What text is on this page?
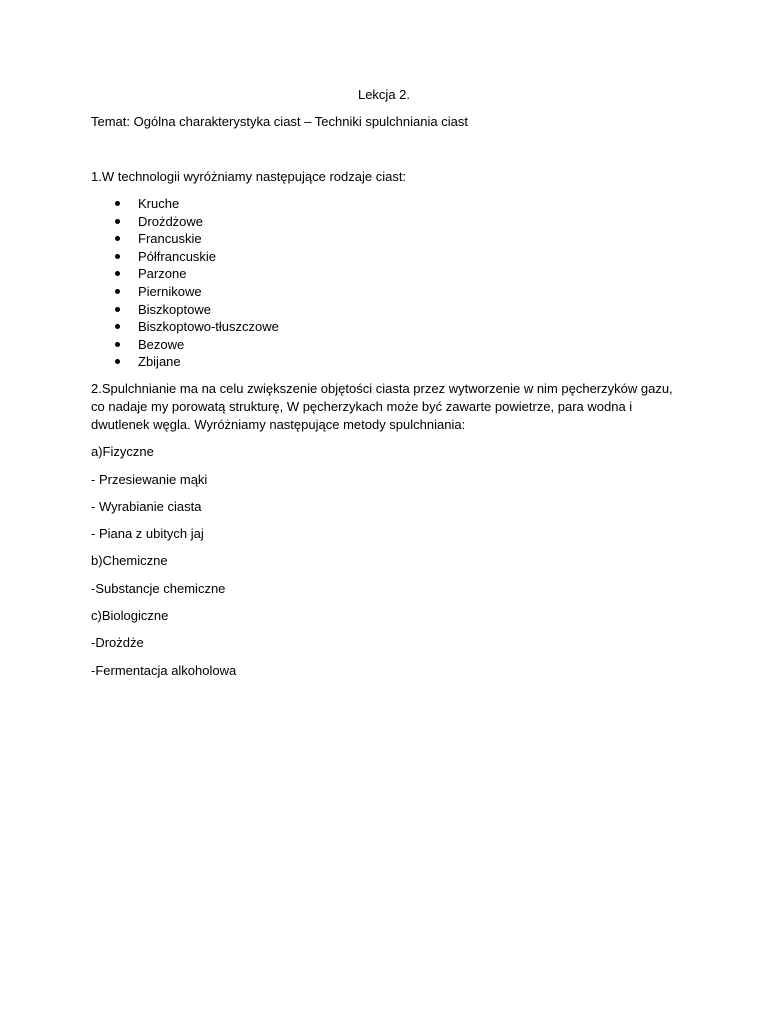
Lekcja 2.
Temat: Ogólna charakterystyka ciast – Techniki spulchniania ciast
1.W technologii wyróżniamy następujące rodzaje ciast:
Kruche
Drożdżowe
Francuskie
Półfrancuskie
Parzone
Piernikowe
Biszkoptowe
Biszkoptowo-tłuszczowe
Bezowe
Zbijane
2.Spulchnianie ma na celu zwiększenie objętości ciasta przez wytworzenie w nim pęcherzyków gazu,
co nadaje my porowatą strukturę, W pęcherzykach może być zawarte powietrze, para wodna i
dwutlenek węgla. Wyróżniamy następujące metody spulchniania:
a)Fizyczne
- Przesiewanie mąki
- Wyrabianie ciasta
- Piana z ubitych jaj
b)Chemiczne
-Substancje chemiczne
c)Biologiczne
-Drożdże
-Fermentacja alkoholowa
